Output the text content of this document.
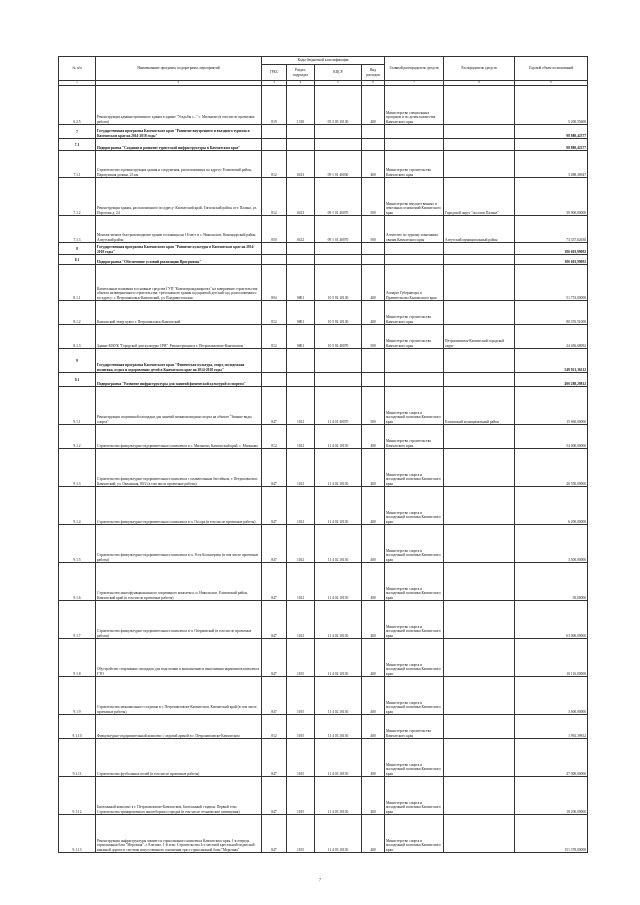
№ п/п	Наименование программ, подпрограмм, мероприятий	Коды бюджетной классификации				Главный распорядитель средств	Распорядитель средств	Годовой объем ассигнований
		ГРБС	Раздел, подраздел	КЦСР	Вид расходов			
1	2	3	4	5	6	7	8	9
6.2.5	Реконструкция административного здания в здание "Усадьбы с..." с. Мильково (в том числе проектные работы)	819	1310	05 3 05 10130	400	Министерство специальных программ и по делам казачества Камчатского края		5 200,55600
7	Государственная программа Камчатского края "Развитие внутреннего и въездного туризма в Камчатском крае на 2014-2018 годы"							98 880,42377
7.1	Подпрограмма "Создание и развитие туристской инфраструктуры в Камчатском крае"							98 880,42377
7.1.1	Строительство и реконструкция здания и сооружения, расположенных по адресу: Елизовский район, Паратунская долина, 23 км	812	0413	09 1 01 40030	400	Министерство строительства Камчатского края		3 488,36947
7.1.2	Реконструкция здания, расположенного по адресу: Камчатский край, Тигильский район, пгт. Палана, ул. Поротова д. 24	812	0413	09 1 01 40070	500	Министерство имущественных и земельных отношений Камчатского края	Городской округ "поселок Палана"	30 900,00000
7.1.3	Монтаж-мелкое быстровозводимое здание гостиницы на 18 мест в с. Никольское, Командорский район, Алеутский район	850	0412	09 1 01 40070	500	Агентство по туризму и внешним связям Камчатского края	Алеутский муниципальный район	73 357,02630
8	Государственная программа Камчатского края "Развитие культуры в Камчатском крае на 2014-2018 годы"							186 603,99092
8.1	Подпрограмма "Обеспечение условий реализации Программы"							186 603,99092
8.1.1	Капитальные вложения в основные средства ГУП "Камчатгражданпроект" на завершение строительства объекта незавершенного строительства: трехэтажного здания под краевой детский сад, расположенного по адресу: г. Петропавловск-Камчатский, ул. Владивостокская	804	0801	10 5 02 10130	400	Аппарат Губернатора и Правительства Камчатского края		51 753,00000
8.1.2	Камчатский театр кукол г. Петропавловск-Камчатский	812	0801	10 5 02 10130	400	Министерство строительства Камчатского края		80 476,51000
8.1.3	Здание МАУК "Городской дом культуры СРВ". Реконструкция в г. Петропавловске-Камчатском	812	0801	10 5 02 40070	500	Министерство строительства Камчатского края	Петропавловск-Камчатский городской округ	24 456,68092
9	Государственная программа Камчатского края "Физическая культура, спорт, молодежная политика, отдых и оздоровление детей в Камчатском крае на 2014-2018 годы"							548 921,36312
9.1	Подпрограмма "Развитие инфраструктуры для занятий физической культурой и спортом"							490 288,29812
9.1.1	Реконструкция спортивной площадки для занятий зимними видами спорта на объекте "Зимние виды спорта"	847	1102	11 4 01 40070	500	Министерство спорта и молодежной политики Камчатского края	Елизовский муниципальный район	15 660,00000
9.1.2	Строительство физкультурно-оздоровительного комплекса в с. Мильково, Камчатский край, с. Мильково	812	1102	11 4 02 10130	400	Министерство строительства Камчатского края		54 000,00000
9.1.3	Строительство физкультурно-оздоровительного комплекса с плавательным бассейном, г. Петропавловск-Камчатский, ул. Океанская, 80/2 (в том числе проектные работы)	847	1102	11 4 02 10130	400	Министерство спорта и молодежной политики Камчатского края		46 550,00000
9.1.4	Строительство физкультурно-оздоровительного комплекса в п. Оссора (в том числе проектные работы)	847	1102	11 4 02 10130	400	Министерство спорта и молодежной политики Камчатского края		6 200,00000
9.1.5	Строительство физкультурно-оздоровительного комплекса в п. Усть-Большерецк (в том числе проектные работы)	847	1102	11 4 02 10130	400	Министерство спорта и молодежной политики Камчатского края		3 500,00000
9.1.6	Строительство многофункционального спортивного комплекса, п. Никольское, Елизовский район, Камчатский край (в том числе проектные работы)	847	1102	11 4 02 10130	400	Министерство спорта и молодежной политики Камчатского края		50,00000
9.1.7	Строительство физкультурно-оздоровительного комплекса в п. Озерновский (в том числе проектные работы)	847	1102	11 4 02 10130	400	Министерство спорта и молодежной политики Камчатского края		63 000,00000
9.1.8	Обустройство спортивных площадок для подготовки к выполнению и выполнения нормативов комплекса ГТО	847	1105	11 4 02 10130	400	Министерство спорта и молодежной политики Камчатского края		10 116,00000
9.1.9	Строительство межшкольного стадиона в г. Петропавловске-Камчатском, Камчатский край (в том числе проектные работы)	847	1105	11 4 02 10130	400	Министерство спорта и молодежной политики Камчатского края		3 600,00000
9.1.10	Физкультурно-оздоровительный комплекс с ледовой ареной в г. Петропавловске-Камчатском	812	1105	11 4 03 10130	400	Министерство строительства Камчатского края		1 992,39812
9.1.11	Строительство футбольных полей (в том числе проектные работы)	847	1105	11 4 03 10130	400	Министерство спорта и молодежной политики Камчатского края		47 000,00000
9.1.12	Биатлонный комплекс в г. Петропавловске-Камчатском, Биатлонный стадион. Первый этап. Строительство тренировочного многоборного городка (в том числе технические помещения)	847	1105	11 4 03 10130	400	Министерство спорта и молодежной политики Камчатского края		18 200,00000
9.1.13	Реконструкция инфраструктуры зимнего и горнолыжного комплекса Камчатского края. 1-я очередь горнолыжная база "Морозная", г. Елизово. 1-й этап. Строительство 4-х местной кресельной подвесной канатной дороги и системы искусственного оснежения трасс горнолыжной базы "Морозная"	847	1105	11 4 03 10130	400	Министерство спорта и молодежной политики Камчатского края		151 378,00000
7
